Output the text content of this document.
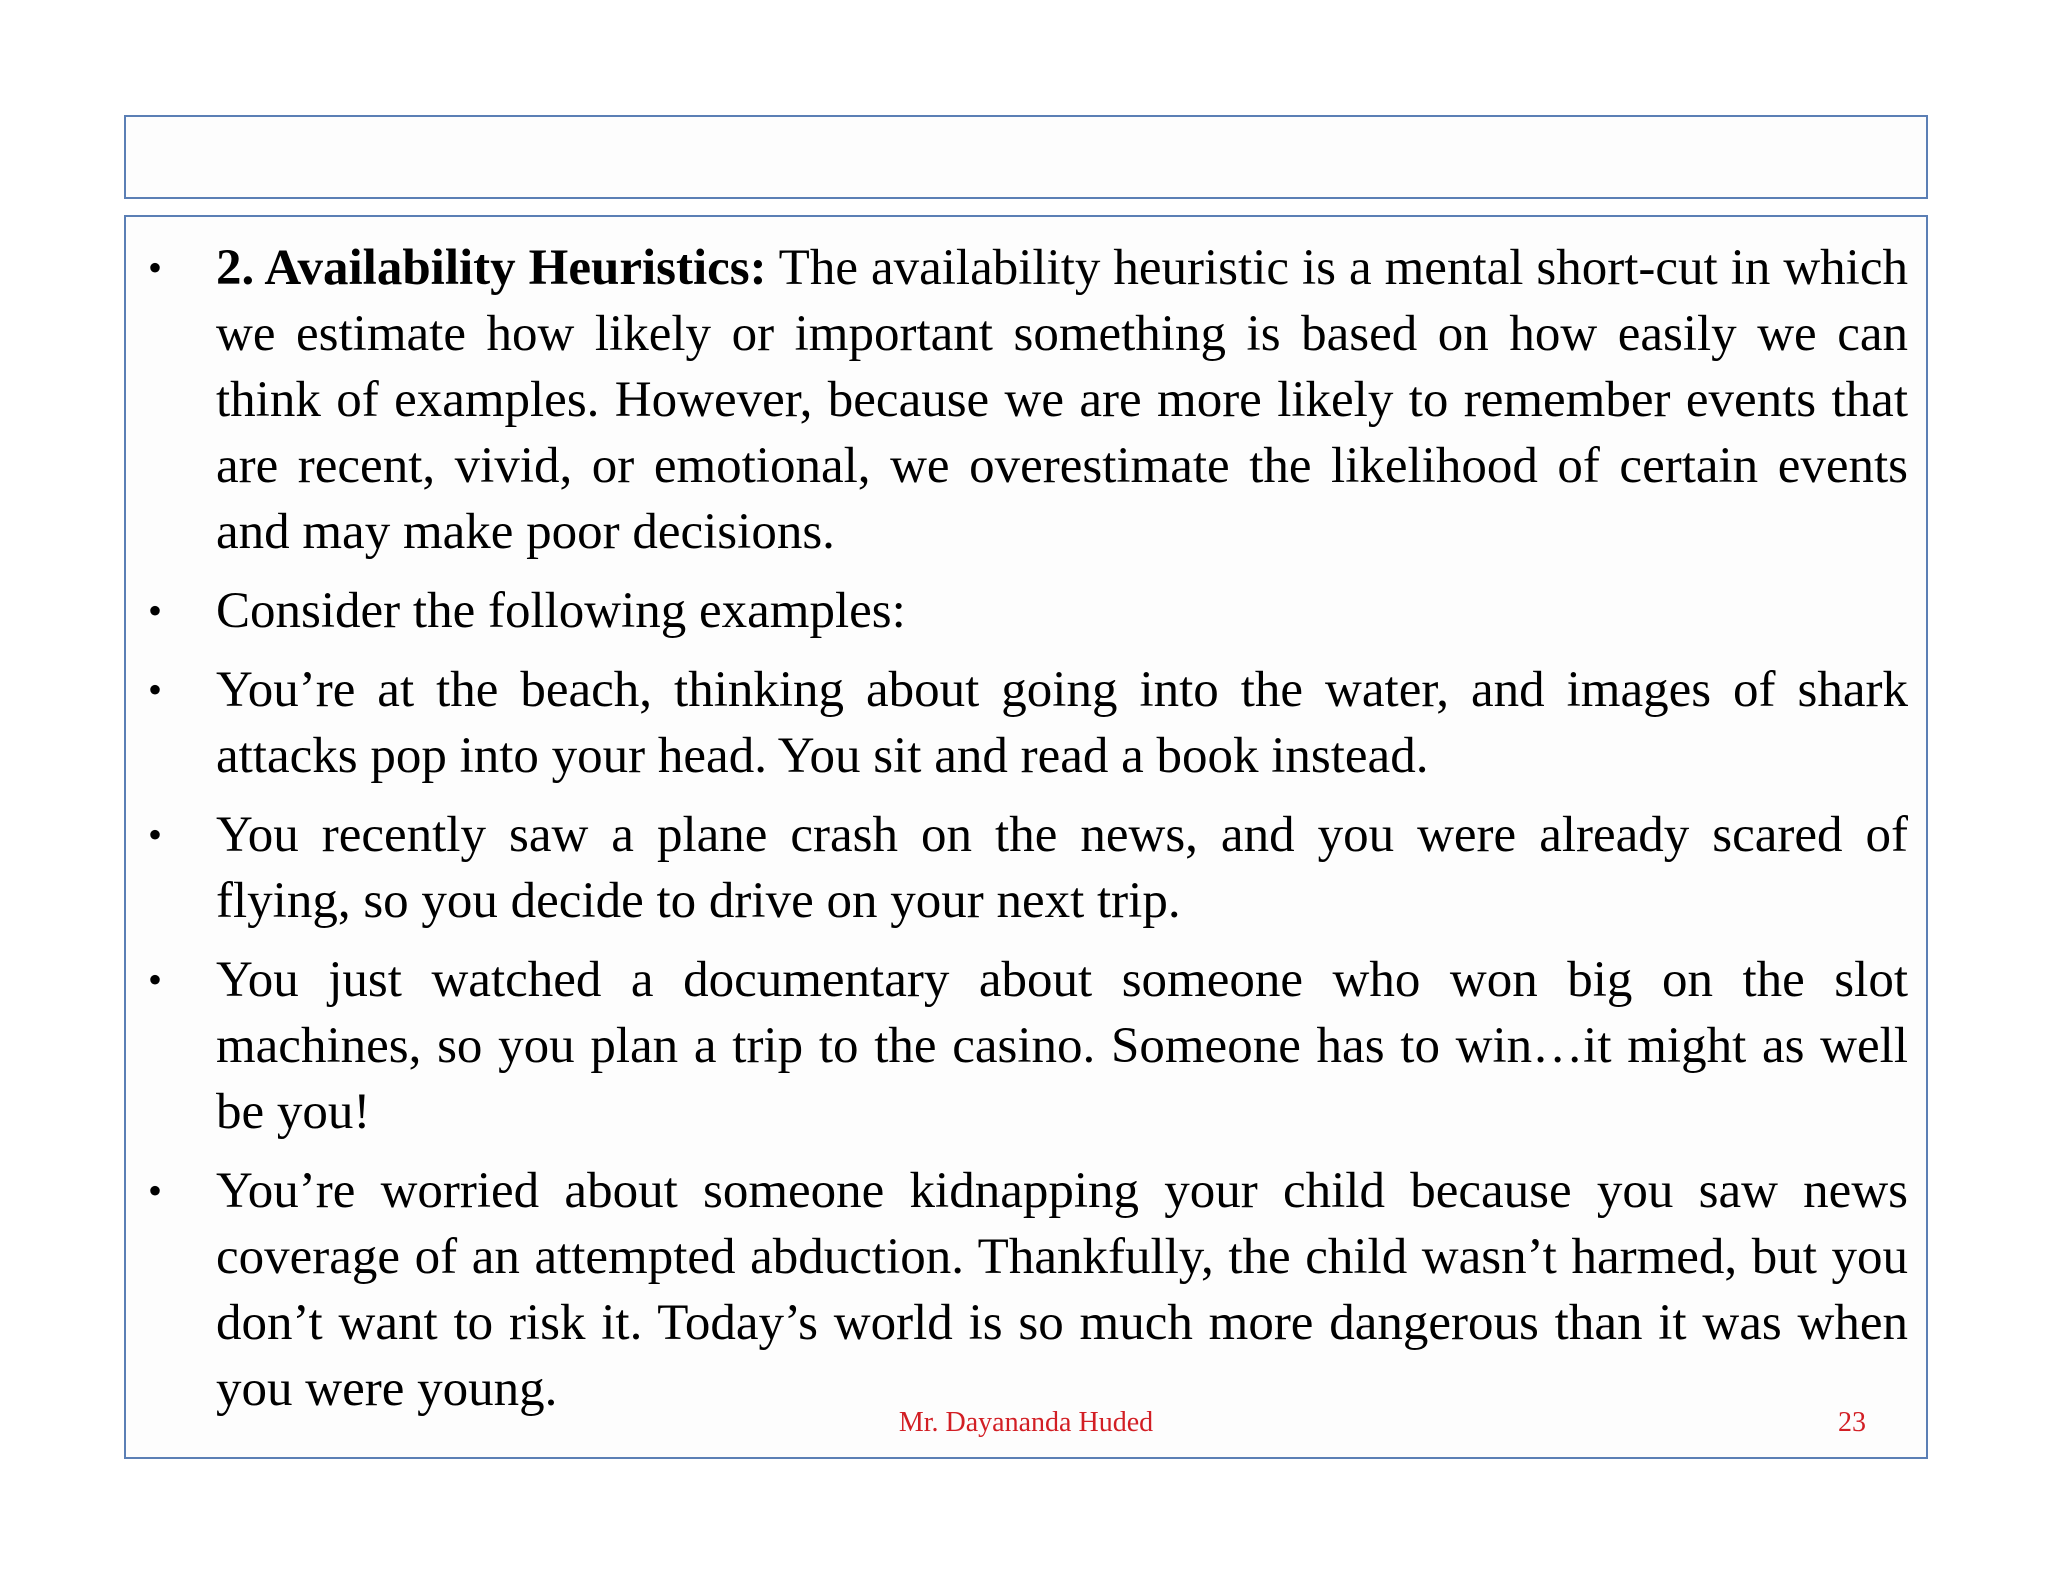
• 2. Availability Heuristics: The availability heuristic is a mental short-cut in which we estimate how likely or important something is based on how easily we can think of examples. However, because we are more likely to remember events that are recent, vivid, or emotional, we overestimate the likelihood of certain events and may make poor decisions.
• Consider the following examples:
• You’re at the beach, thinking about going into the water, and images of shark attacks pop into your head. You sit and read a book instead.
• You recently saw a plane crash on the news, and you were already scared of flying, so you decide to drive on your next trip.
• You just watched a documentary about someone who won big on the slot machines, so you plan a trip to the casino. Someone has to win…it might as well be you!
• You’re worried about someone kidnapping your child because you saw news coverage of an attempted abduction. Thankfully, the child wasn’t harmed, but you don’t want to risk it. Today’s world is so much more dangerous than it was when you were young.
Mr. Dayananda Huded	23
